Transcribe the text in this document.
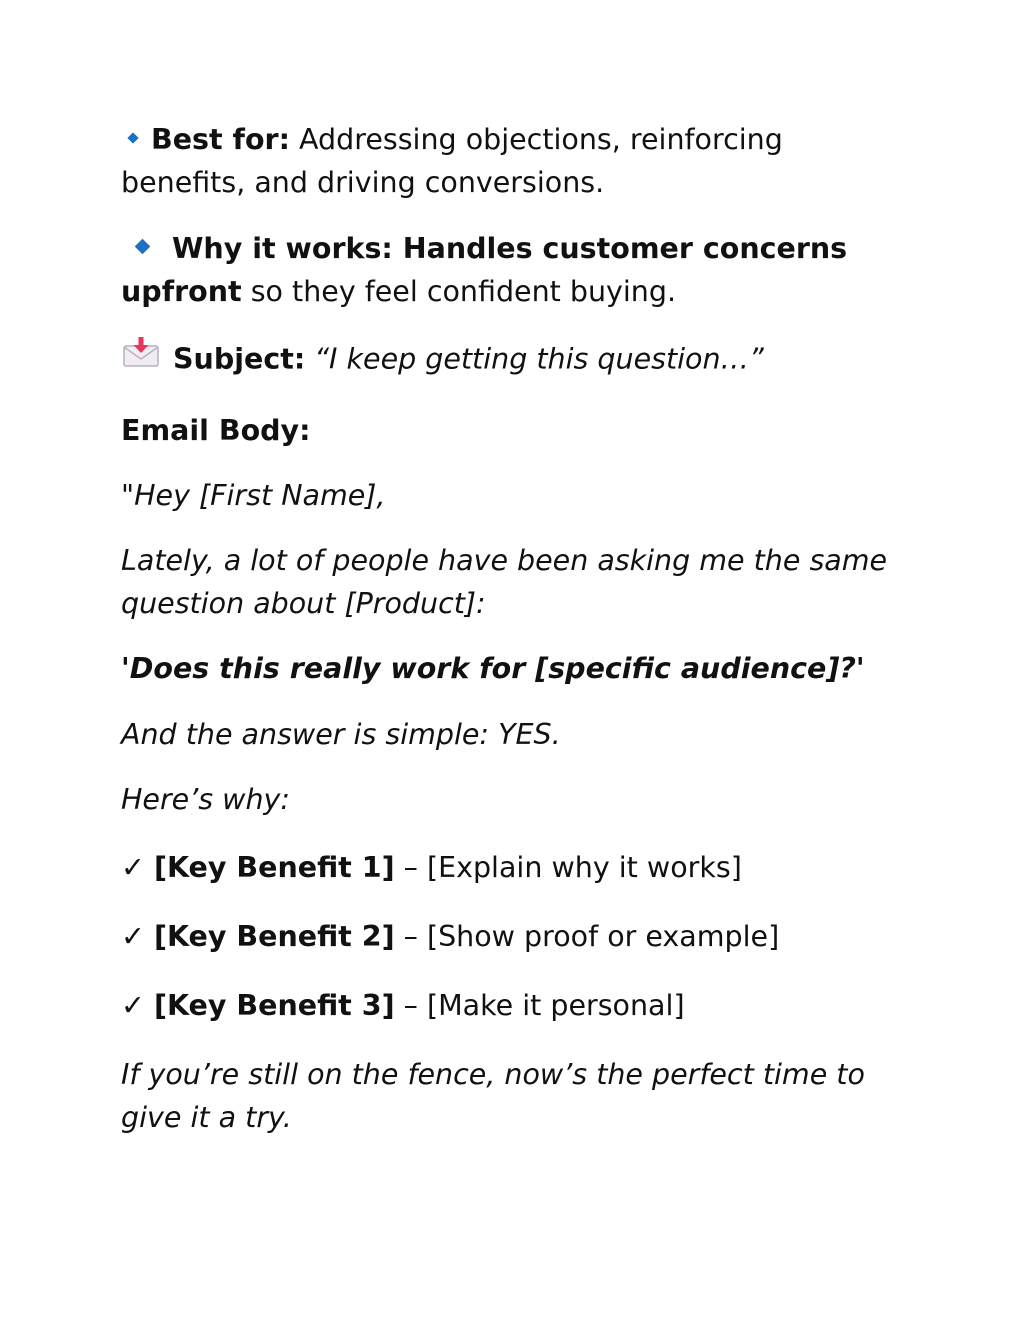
Best for: Addressing objections, reinforcing benefits, and driving conversions.

Why it works: Handles customer concerns upfront so they feel confident buying.

Subject: “I keep getting this question…”

Email Body:

"Hey [First Name],

Lately, a lot of people have been asking me the same question about [Product]:

'Does this really work for [specific audience]?'

And the answer is simple: YES.

Here’s why:

✓ [Key Benefit 1] – [Explain why it works]

✓ [Key Benefit 2] – [Show proof or example]

✓ [Key Benefit 3] – [Make it personal]

If you’re still on the fence, now’s the perfect time to give it a try.
